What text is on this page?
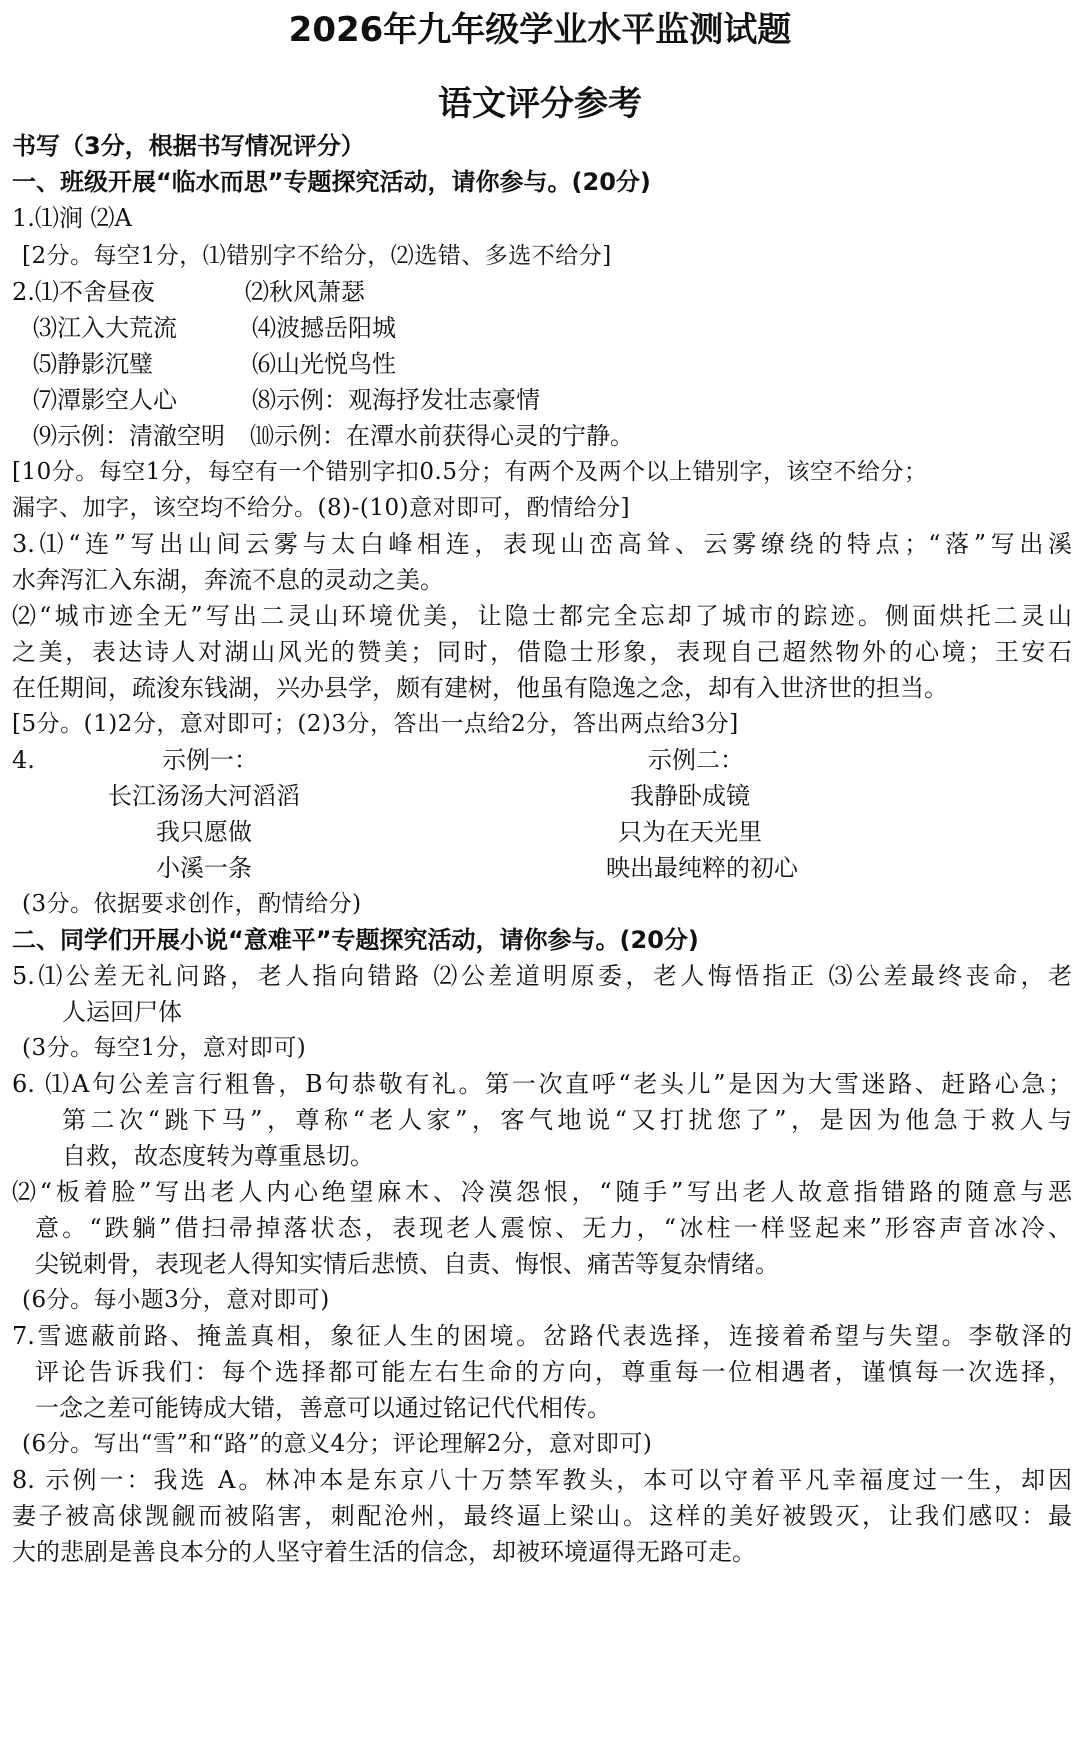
2026年九年级学业水平监测试题
语文评分参考
书写（3分，根据书写情况评分）
一、班级开展“临水而思”专题探究活动，请你参与。(20分)
1.⑴涧 ⑵A
[2分。每空1分，⑴错别字不给分，⑵选错、多选不给分]
2.⑴不舍昼夜	⑵秋风萧瑟
⑶江入大荒流	⑷波撼岳阳城
⑸静影沉璧	⑹山光悦鸟性
⑺潭影空人心	⑻示例：观海抒发壮志豪情
⑼示例：清澈空明 ⑽示例：在潭水前获得心灵的宁静。
[10分。每空1分，每空有一个错别字扣0.5分；有两个及两个以上错别字，该空不给分；
漏字、加字，该空均不给分。(8)-(10)意对即可，酌情给分]
3.⑴“连”写出山间云雾与太白峰相连，表现山峦高耸、云雾缭绕的特点；“落”写出溪
水奔泻汇入东湖，奔流不息的灵动之美。
⑵“城市迹全无”写出二灵山环境优美，让隐士都完全忘却了城市的踪迹。侧面烘托二灵山
之美，表达诗人对湖山风光的赞美；同时，借隐士形象，表现自己超然物外的心境；王安石
在任期间，疏浚东钱湖，兴办县学，颇有建树，他虽有隐逸之念，却有入世济世的担当。
[5分。(1)2分，意对即可；(2)3分，答出一点给2分，答出两点给3分]
4.	示例一：	示例二：
长江汤汤大河滔滔	我静卧成镜
我只愿做	只为在天光里
小溪一条	映出最纯粹的初心
(3分。依据要求创作，酌情给分)
二、同学们开展小说“意难平”专题探究活动，请你参与。(20分)
5.⑴公差无礼问路，老人指向错路 ⑵公差道明原委，老人悔悟指正 ⑶公差最终丧命，老
人运回尸体
(3分。每空1分，意对即可)
6. ⑴A句公差言行粗鲁，B句恭敬有礼。第一次直呼“老头儿”是因为大雪迷路、赶路心急；
第二次“跳下马”，尊称“老人家”，客气地说“又打扰您了”，是因为他急于救人与
自救，故态度转为尊重恳切。
⑵“板着脸”写出老人内心绝望麻木、冷漠怨恨，“随手”写出老人故意指错路的随意与恶
意。“跌躺”借扫帚掉落状态，表现老人震惊、无力，“冰柱一样竖起来”形容声音冰冷、
尖锐刺骨，表现老人得知实情后悲愤、自责、悔恨、痛苦等复杂情绪。
(6分。每小题3分，意对即可)
7.雪遮蔽前路、掩盖真相，象征人生的困境。岔路代表选择，连接着希望与失望。李敬泽的
评论告诉我们：每个选择都可能左右生命的方向，尊重每一位相遇者，谨慎每一次选择，
一念之差可能铸成大错，善意可以通过铭记代代相传。
(6分。写出“雪”和“路”的意义4分；评论理解2分，意对即可)
8. 示例一：我选 A。林冲本是东京八十万禁军教头，本可以守着平凡幸福度过一生，却因
妻子被高俅觊觎而被陷害，刺配沧州，最终逼上梁山。这样的美好被毁灭，让我们感叹：最
大的悲剧是善良本分的人坚守着生活的信念，却被环境逼得无路可走。
